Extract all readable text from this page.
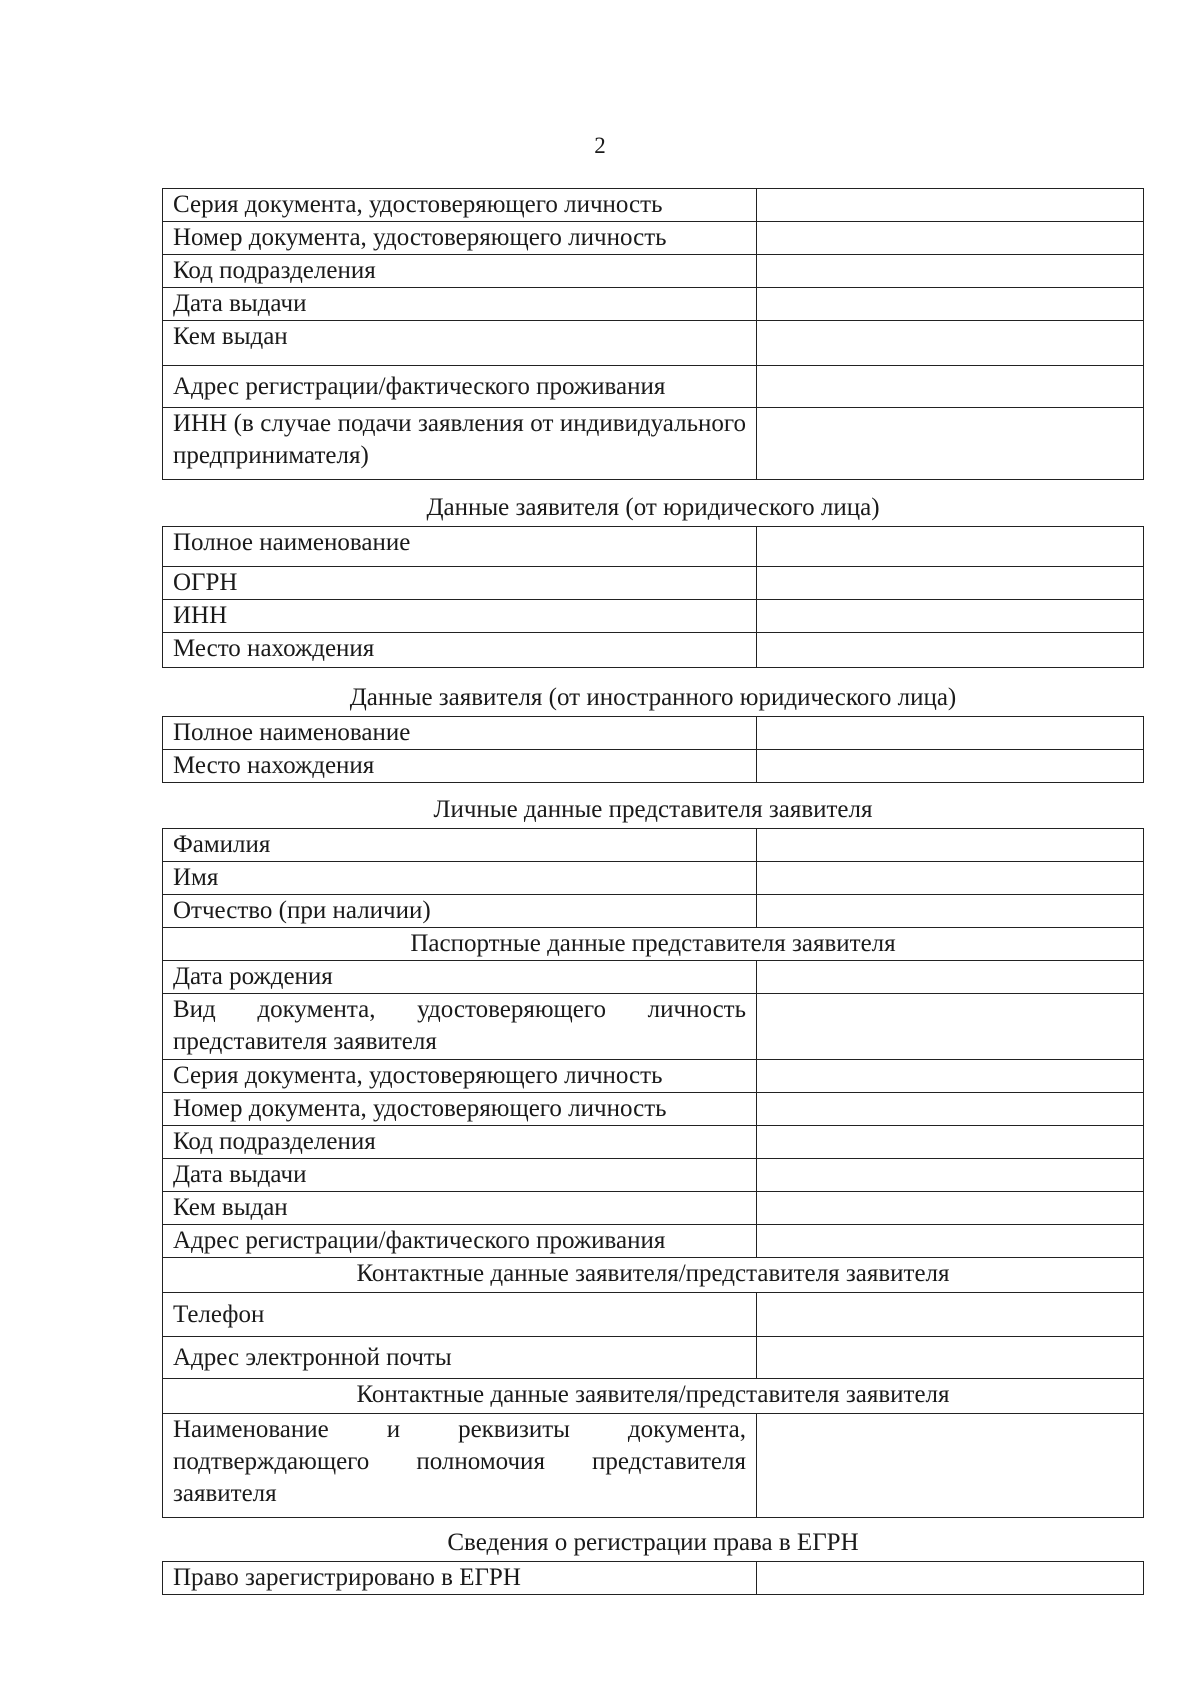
2
Серия документа, удостоверяющего личность	
Номер документа, удостоверяющего личность	
Код подразделения	
Дата выдачи	
Кем выдан	
Адрес регистрации/фактического проживания	
ИНН (в случае подачи заявления от индивидуального предпринимателя)	
Данные заявителя (от юридического лица)
Полное наименование	
ОГРН	
ИНН	
Место нахождения	
Данные заявителя (от иностранного юридического лица)
Полное наименование	
Место нахождения	
Личные данные представителя заявителя
Фамилия	
Имя	
Отчество (при наличии)	
Паспортные данные представителя заявителя	
Дата рождения	
Вид документа, удостоверяющего личность представителя заявителя	
Серия документа, удостоверяющего личность	
Номер документа, удостоверяющего личность	
Код подразделения	
Дата выдачи	
Кем выдан	
Адрес регистрации/фактического проживания	
Контактные данные заявителя/представителя заявителя	
Телефон	
Адрес электронной почты	
Контактные данные заявителя/представителя заявителя	
Наименование и реквизиты документа, подтверждающего полномочия представителя заявителя	
Сведения о регистрации права в ЕГРН
Право зарегистрировано в ЕГРН	
